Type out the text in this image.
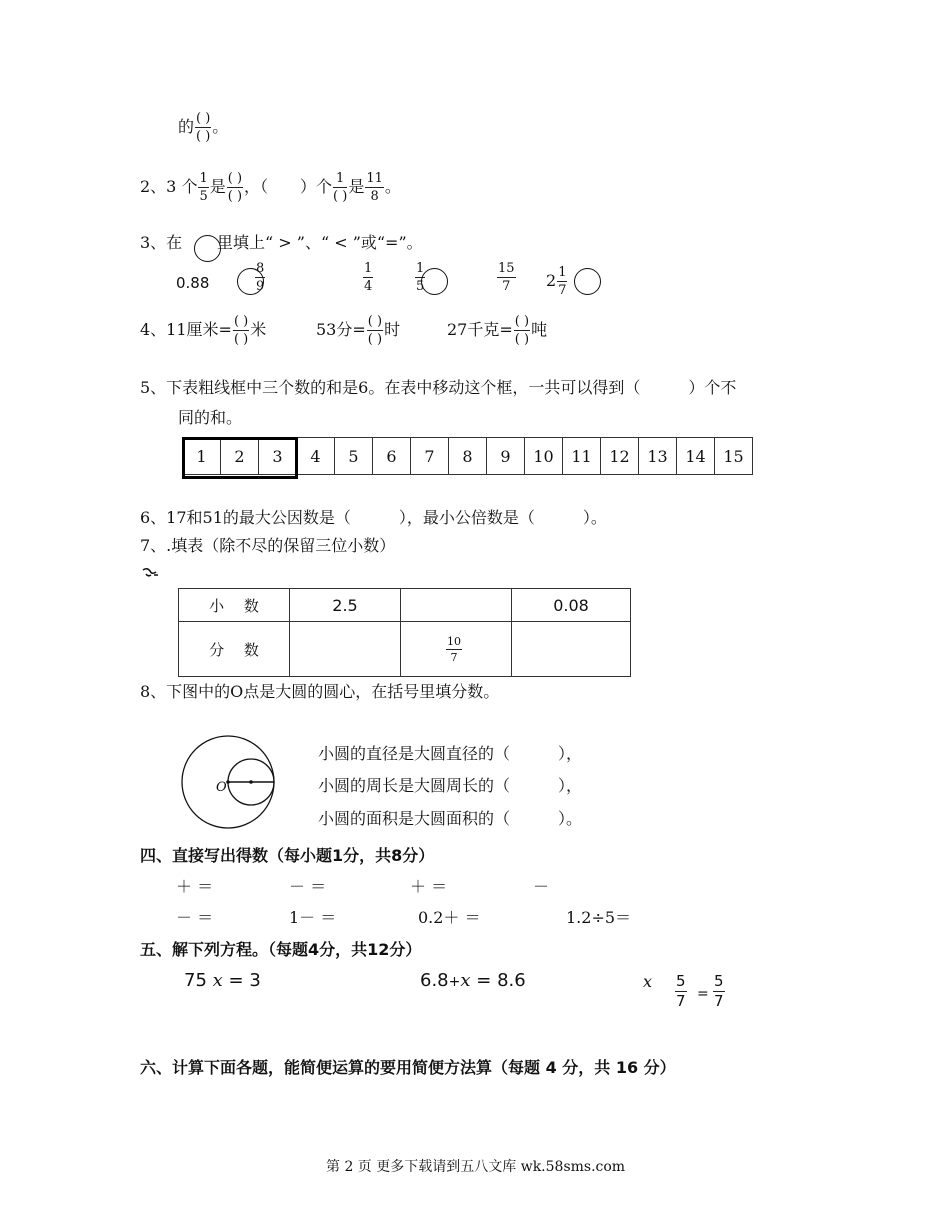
的 $\frac{( )}{( )}$ 。
2、3 个 $\frac{1}{5}$ 是 $\frac{( )}{( )}$ ，（　　）个 $\frac{1}{( )}$ 是 $\frac{11}{8}$ 。
3、在 里填上“ > ”、“ < ”或“=”。
0.88	$\frac{8}{9}$	$\frac{1}{4}$	$\frac{1}{5}$	$\frac{15}{7} 2 \frac{1}{7}$
4、11厘米= $\frac{( )}{( )}$ 米	53分= $\frac{( )}{( )}$ 时	27千克= $\frac{( )}{( )}$ 吨
5、下表粗线框中三个数的和是6。在表中移动这个框，一共可以得到（　　　）个不
同的和。
1	2	3	4	5	6	7	8	9	10	11	12	13	14	15
6、17和51的最大公因数是（　　　），最小公倍数是（　　　）。
7、.填表（除不尽的保留三位小数）
小　 数	2.5		0.08
分　 数		$\frac{10}{7}$

8、下图中的O点是大圆的圆心，在括号里填分数。
O
小圆的直径是大圆直径的（　　　），
小圆的周长是大圆周长的（　　　），
小圆的面积是大圆面积的（　　　）。
四、直接写出得数（每小题1分，共8分）
＋ ＝	－ ＝	＋ ＝	－
－ ＝	1－ ＝	0.2＋ ＝	1.2÷5＝
五、解下列方程。（每题4分，共12分）
75 x = 3	6.8+x = 8.6	x $\frac{5}{7} = \frac{5}{7}$
六、计算下面各题，能简便运算的要用简便方法算（每题 4 分，共 16 分）
第 2 页 更多下载请到五八文库 wk.58sms.com
